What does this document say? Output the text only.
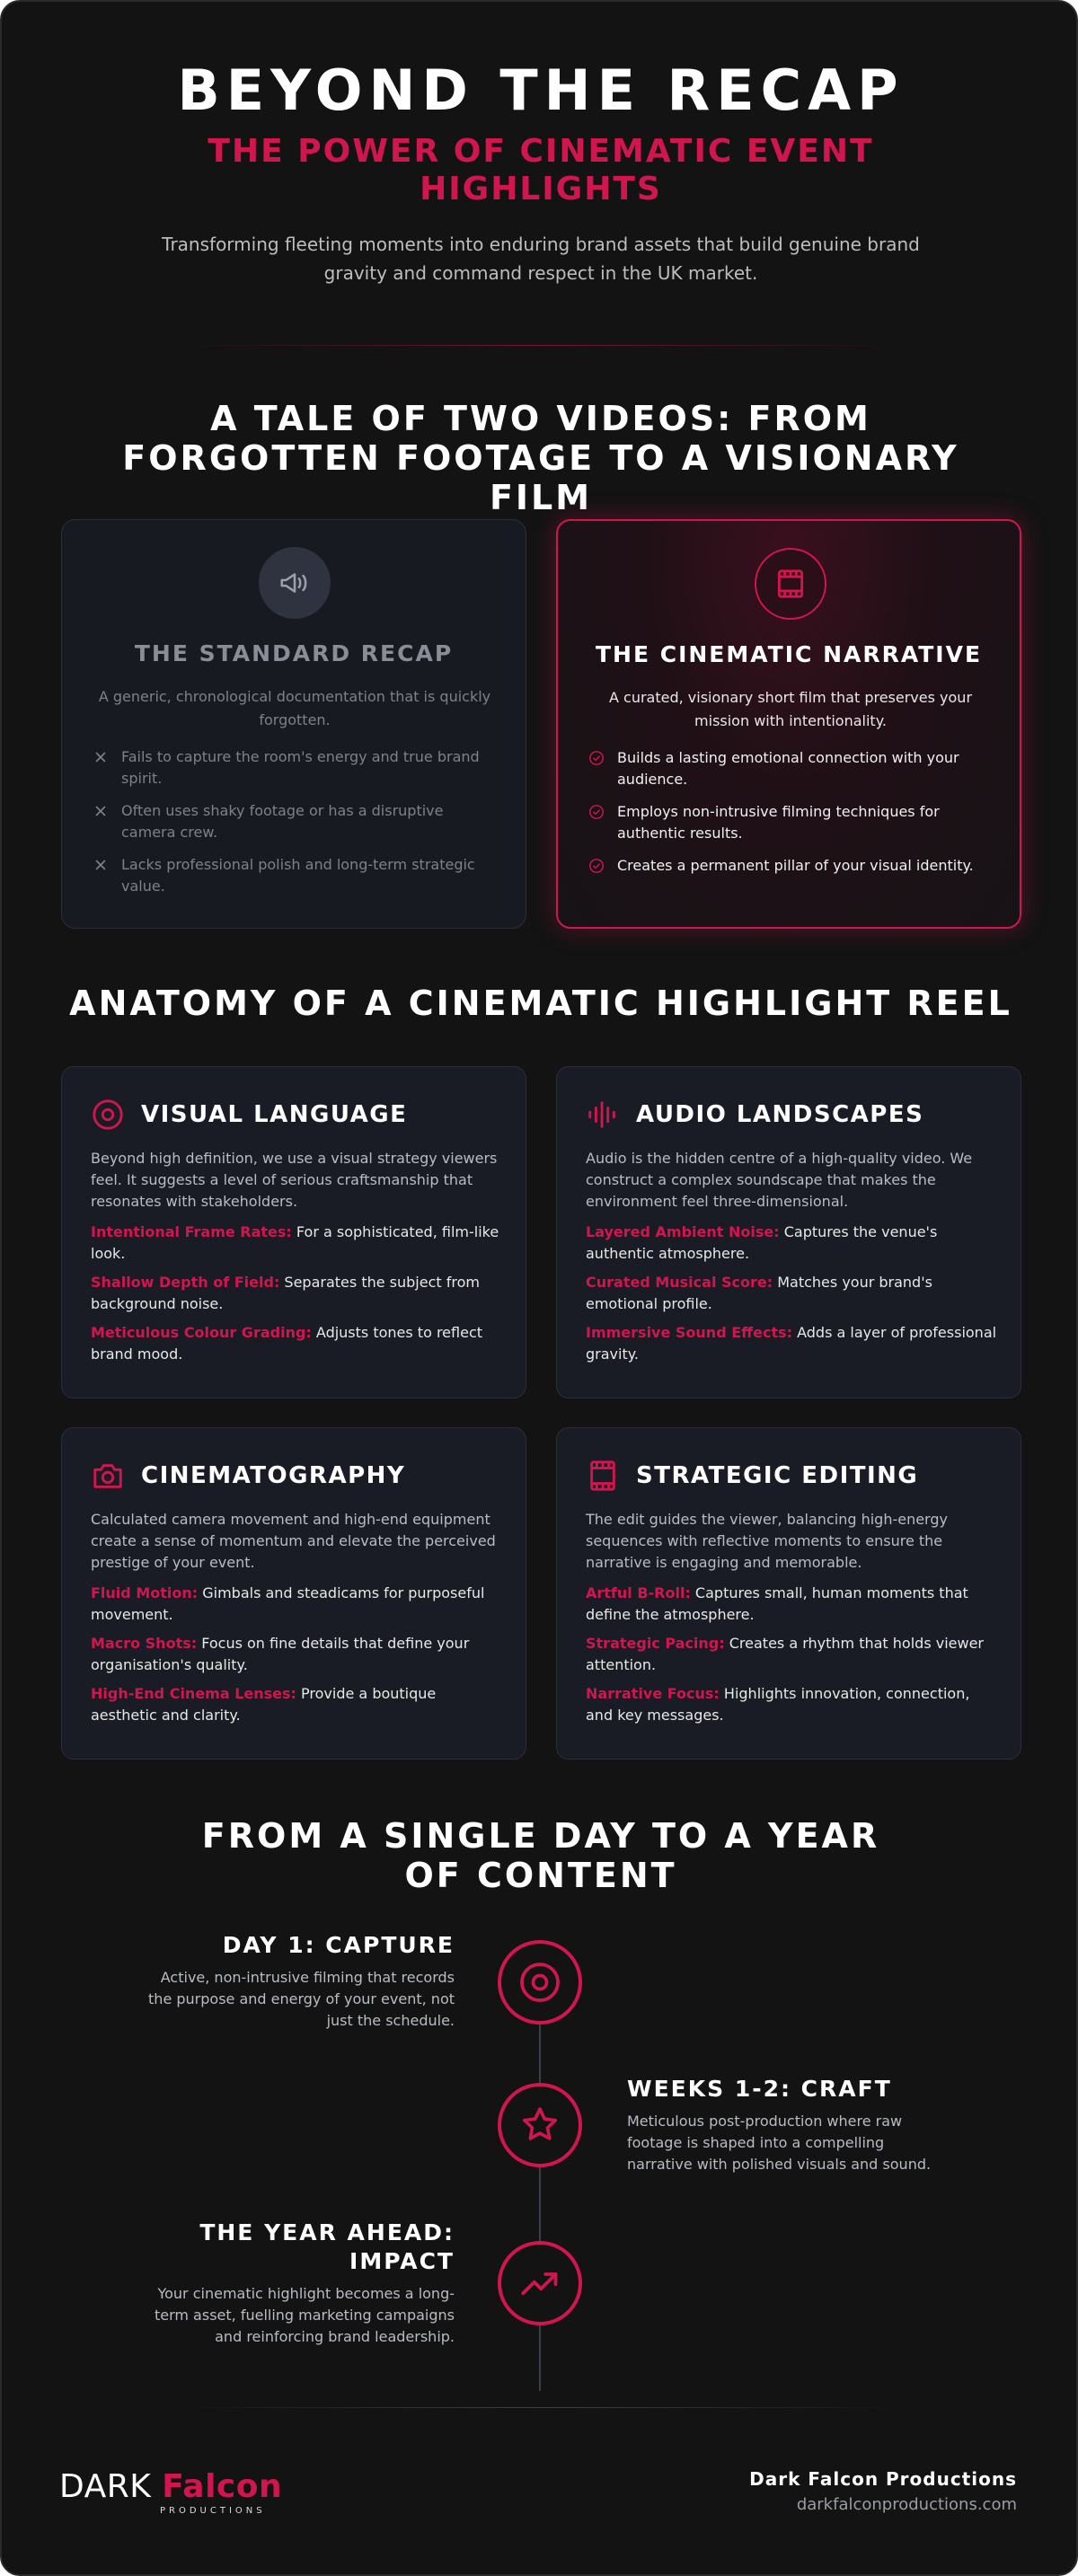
BEYOND THE RECAP
THE POWER OF CINEMATIC EVENT HIGHLIGHTS
Transforming fleeting moments into enduring brand assets that build genuine brand gravity and command respect in the UK market.
A TALE OF TWO VIDEOS: FROM FORGOTTEN FOOTAGE TO A VISIONARY FILM
THE STANDARD RECAP
A generic, chronological documentation that is quickly forgotten.
Fails to capture the room's energy and true brand spirit.
Often uses shaky footage or has a disruptive camera crew.
Lacks professional polish and long-term strategic value.
THE CINEMATIC NARRATIVE
A curated, visionary short film that preserves your mission with intentionality.
Builds a lasting emotional connection with your audience.
Employs non-intrusive filming techniques for authentic results.
Creates a permanent pillar of your visual identity.
ANATOMY OF A CINEMATIC HIGHLIGHT REEL
VISUAL LANGUAGE
Beyond high definition, we use a visual strategy viewers feel. It suggests a level of serious craftsmanship that resonates with stakeholders.
Intentional Frame Rates: For a sophisticated, film-like look.
Shallow Depth of Field: Separates the subject from background noise.
Meticulous Colour Grading: Adjusts tones to reflect brand mood.
AUDIO LANDSCAPES
Audio is the hidden centre of a high-quality video. We construct a complex soundscape that makes the environment feel three-dimensional.
Layered Ambient Noise: Captures the venue's authentic atmosphere.
Curated Musical Score: Matches your brand's emotional profile.
Immersive Sound Effects: Adds a layer of professional gravity.
CINEMATOGRAPHY
Calculated camera movement and high-end equipment create a sense of momentum and elevate the perceived prestige of your event.
Fluid Motion: Gimbals and steadicams for purposeful movement.
Macro Shots: Focus on fine details that define your organisation's quality.
High-End Cinema Lenses: Provide a boutique aesthetic and clarity.
STRATEGIC EDITING
The edit guides the viewer, balancing high-energy sequences with reflective moments to ensure the narrative is engaging and memorable.
Artful B-Roll: Captures small, human moments that define the atmosphere.
Strategic Pacing: Creates a rhythm that holds viewer attention.
Narrative Focus: Highlights innovation, connection, and key messages.
FROM A SINGLE DAY TO A YEAR OF CONTENT
DAY 1: CAPTURE
Active, non-intrusive filming that records the purpose and energy of your event, not just the schedule.
WEEKS 1-2: CRAFT
Meticulous post-production where raw footage is shaped into a compelling narrative with polished visuals and sound.
THE YEAR AHEAD: IMPACT
Your cinematic highlight becomes a long-term asset, fuelling marketing campaigns and reinforcing brand leadership.
DARK Falcon
PRODUCTIONS
Dark Falcon Productions
darkfalconproductions.com
